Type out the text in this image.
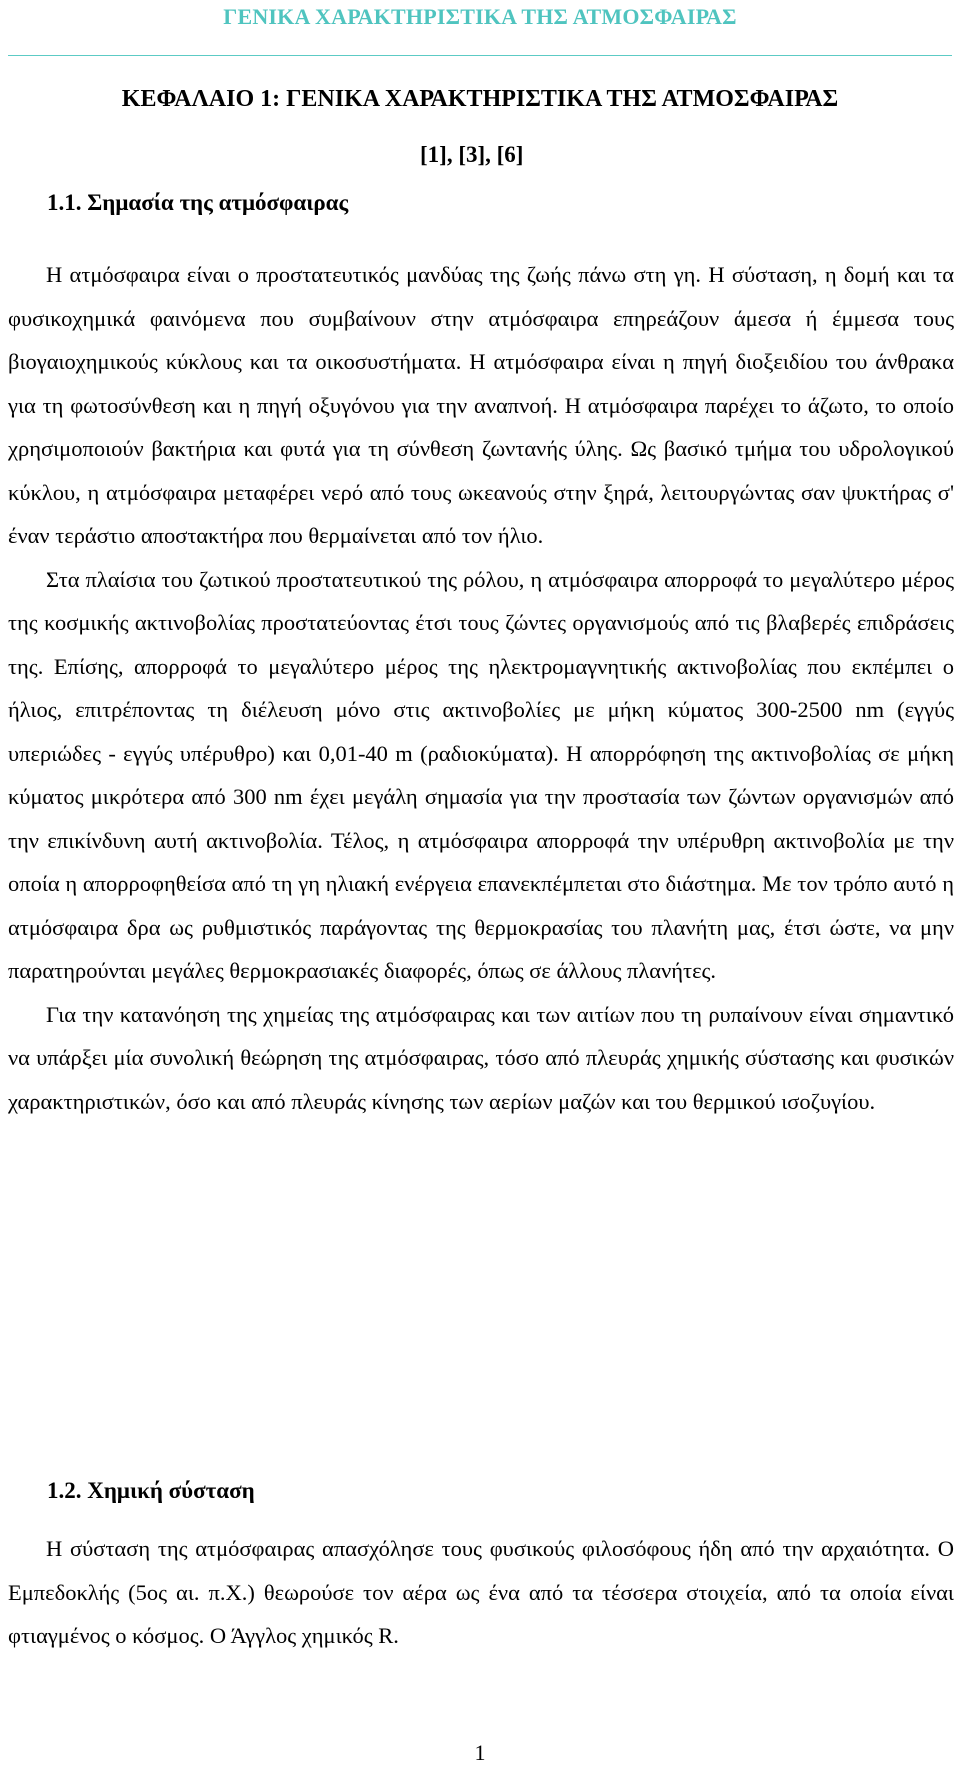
ΓΕΝΙΚΑ ΧΑΡΑΚΤΗΡΙΣΤΙΚΑ ΤΗΣ ΑΤΜΟΣΦΑΙΡΑΣ
ΚΕΦΑΛΑΙΟ 1: ΓΕΝΙΚΑ ΧΑΡΑΚΤΗΡΙΣΤΙΚΑ ΤΗΣ ΑΤΜΟΣΦΑΙΡΑΣ
[1], [3], [6]
1.1. Σημασία της ατμόσφαιρας

Η ατμόσφαιρα είναι ο προστατευτικός μανδύας της ζωής πάνω στη γη. Η σύσταση, η δομή και τα φυσικοχημικά φαινόμενα που συμβαίνουν στην ατμόσφαιρα επηρεάζουν άμεσα ή έμμεσα τους βιογαιοχημικούς κύκλους και τα οικοσυστήματα. Η ατμόσφαιρα είναι η πηγή διοξειδίου του άνθρακα για τη φωτοσύνθεση και η πηγή οξυγόνου για την αναπνοή. Η ατμόσφαιρα παρέχει το άζωτο, το οποίο χρησιμοποιούν βακτήρια και φυτά για τη σύνθεση ζωντανής ύλης. Ως βασικό τμήμα του υδρολογικού κύκλου, η ατμόσφαιρα μεταφέρει νερό από τους ωκεανούς στην ξηρά, λειτουργώντας σαν ψυκτήρας σ' έναν τεράστιο αποστακτήρα που θερμαίνεται από τον ήλιο.

Στα πλαίσια του ζωτικού προστατευτικού της ρόλου, η ατμόσφαιρα απορροφά το μεγαλύτερο μέρος της κοσμικής ακτινοβολίας προστατεύοντας έτσι τους ζώντες οργανισμούς από τις βλαβερές επιδράσεις της. Επίσης, απορροφά το μεγαλύτερο μέρος της ηλεκτρομαγνητικής ακτινοβολίας που εκπέμπει ο ήλιος, επιτρέποντας τη διέλευση μόνο στις ακτινοβολίες με μήκη κύματος 300-2500 nm (εγγύς υπεριώδες - εγγύς υπέρυθρο) και 0,01-40 m (ραδιοκύματα). Η απορρόφηση της ακτινοβολίας σε μήκη κύματος μικρότερα από 300 nm έχει μεγάλη σημασία για την προστασία των ζώντων οργανισμών από την επικίνδυνη αυτή ακτινοβολία. Τέλος, η ατμόσφαιρα απορροφά την υπέρυθρη ακτινοβολία με την οποία η απορροφηθείσα από τη γη ηλιακή ενέργεια επανεκπέμπεται στο διάστημα. Με τον τρόπο αυτό η ατμόσφαιρα δρα ως ρυθμιστικός παράγοντας της θερμοκρασίας του πλανήτη μας, έτσι ώστε, να μην παρατηρούνται μεγάλες θερμοκρασιακές διαφορές, όπως σε άλλους πλανήτες.

Για την κατανόηση της χημείας της ατμόσφαιρας και των αιτίων που τη ρυπαίνουν είναι σημαντικό να υπάρξει μία συνολική θεώρηση της ατμόσφαιρας, τόσο από πλευράς χημικής σύστασης και φυσικών χαρακτηριστικών, όσο και από πλευράς κίνησης των αερίων μαζών και του θερμικού ισοζυγίου.

1.2. Χημική σύσταση

Η σύσταση της ατμόσφαιρας απασχόλησε τους φυσικούς φιλοσόφους ήδη από την αρχαιότητα. Ο Εμπεδοκλής (5ος αι. π.Χ.) θεωρούσε τον αέρα ως ένα από τα τέσσερα στοιχεία, από τα οποία είναι φτιαγμένος ο κόσμος. Ο Άγγλος χημικός R.

1
